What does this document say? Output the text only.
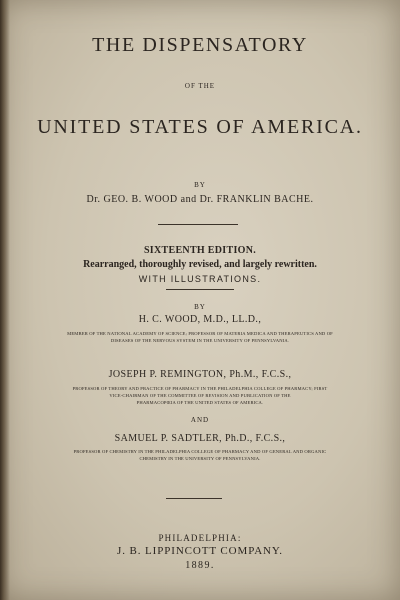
THE DISPENSATORY
OF THE
UNITED STATES OF AMERICA.
BY
Dr. GEO. B. WOOD and Dr. FRANKLIN BACHE.
SIXTEENTH EDITION.
Rearranged, thoroughly revised, and largely rewritten.
WITH ILLUSTRATIONS.
BY
H. C. WOOD, M.D., LL.D.,
MEMBER OF THE NATIONAL ACADEMY OF SCIENCE; PROFESSOR OF MATERIA MEDICA AND THERAPEUTICS AND OF
DISEASES OF THE NERVOUS SYSTEM IN THE UNIVERSITY OF PENNSYLVANIA.
JOSEPH P. REMINGTON, Ph.M., F.C.S.,
PROFESSOR OF THEORY AND PRACTICE OF PHARMACY IN THE PHILADELPHIA COLLEGE OF PHARMACY; FIRST
VICE-CHAIRMAN OF THE COMMITTEE OF REVISION AND PUBLICATION OF THE
PHARMACOPŒIA OF THE UNITED STATES OF AMERICA.
AND
SAMUEL P. SADTLER, Ph.D., F.C.S.,
PROFESSOR OF CHEMISTRY IN THE PHILADELPHIA COLLEGE OF PHARMACY AND OF GENERAL AND ORGANIC
CHEMISTRY IN THE UNIVERSITY OF PENNSYLVANIA.
PHILADELPHIA:
J. B. LIPPINCOTT COMPANY.
1889.
